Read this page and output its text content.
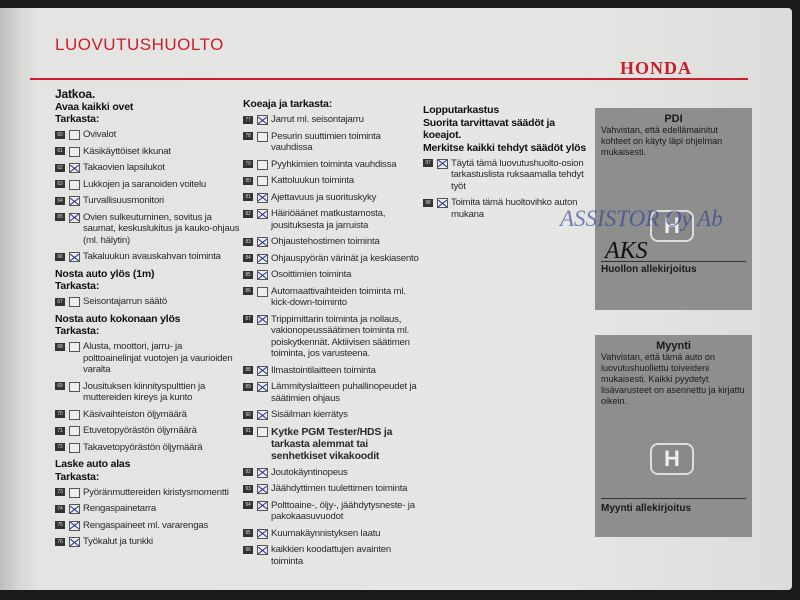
LUOVUTUSHUOLTO
HONDA
Jatkoa.
Avaa kaikki ovet
Tarkasta:
60 Ovivalot
61 Käsikäyttöiset ikkunat
62 Takaovien lapsilukot
63 Lukkojen ja saranoiden voitelu
64 Turvallisuusmonitori
65 Ovien sulkeutuminen, sovitus ja saumat, keskuslukitus ja kauko-ohjaus (ml. hälytin)
66 Takaluukun avauskahvan toiminta
Nosta auto ylös (1m)
Tarkasta:
67 Seisontajarrun säätö
Nosta auto kokonaan ylös
Tarkasta:
68 Alusta, moottori, jarru- ja polttoainelinjat vuotojen ja vaurioiden varalta
69 Jousituksen kiinnityspulttien ja muttereiden kireys ja kunto
70 Käsivaihteiston öljymäärä
71 Etuvetopyörästön öljymäärä
72 Takavetopyörästön öljymäärä
Laske auto alas
Tarkasta:
73 Pyöränmuttereiden kiristysmomentti
74 Rengaspainetarra
75 Rengaspaineet ml. vararengas
76 Työkalut ja tunkki
Koeaja ja tarkasta:
77 Jarrut ml. seisontajarru
78 Pesurin suuttimien toiminta vauhdissa
79 Pyyhkimien toiminta vauhdissa
80 Kattoluukun toiminta
81 Ajettavuus ja suorituskyky
82 Häiriöäänet matkustamosta, jousituksesta ja jarruista
83 Ohjaustehostimen toiminta
84 Ohjauspyörän värinät ja keskiasento
85 Osoittimien toiminta
86 Automaattivaihteiden toiminta ml. kick-down-toiminto
87 Trippimittarin toiminta ja nollaus, vakionopeussäätimen toiminta ml. poiskytkennät. Aktiivisen säätimen toiminta, jos varusteena.
88 Ilmastointilaitteen toiminta
89 Lämmityslaitteen puhallinopeudet ja säätimien ohjaus
90 Sisäilman kierrätys
91 Kytke PGM Tester/HDS ja tarkasta alemmat tai senhetkiset vikakoodit
92 Joutokäyntinopeus
93 Jäähdyttimen tuulettimen toiminta
94 Polttoaine-, öljy-, jäähdytysneste- ja pakokaasuvuodot
95 Kuumakäynnistyksen laatu
96 kaikkien koodattujen avainten toiminta
Lopputarkastus
Suorita tarvittavat säädöt ja koeajot.
Merkitse kaikki tehdyt säädöt ylös
97 Täytä tämä luovutushuolto-osion tarkastuslista ruksaamalla tehdyt työt
98 Toimita tämä huoltovihko auton mukana
PDI
Vahvistan, että edellämainitut kohteet on käyty läpi ohjelman mukaisesti.
H
Huollon allekirjoitus
ASSISTOR Oy Ab
AKS
Myynti
Vahvistan, että tämä auto on luovutushuollettu toiveideni mukaisesti. Kaikki pyydetyt lisävarusteet on asennettu ja kirjattu oikein.
H
Myynti allekirjoitus
